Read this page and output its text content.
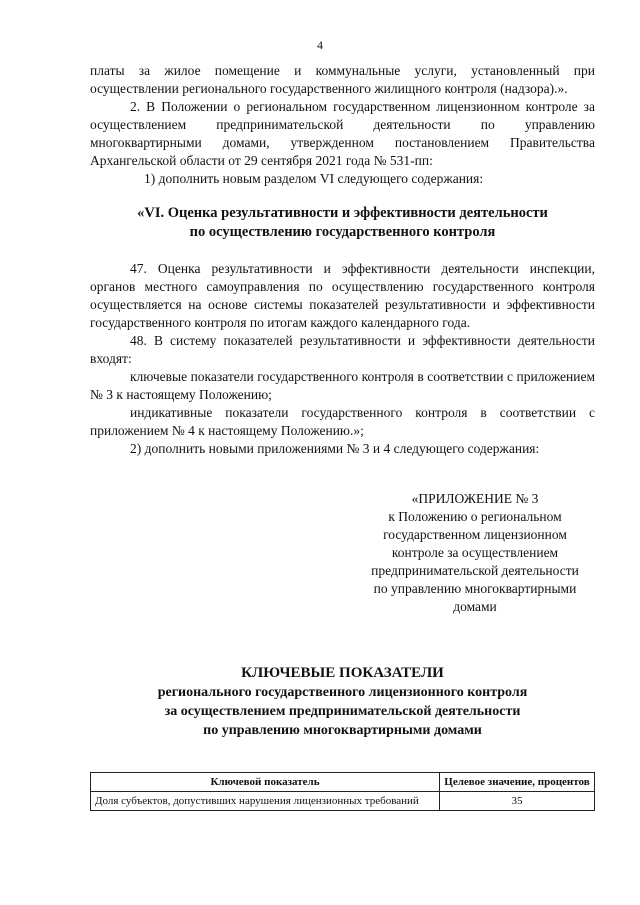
4

платы за жилое помещение и коммунальные услуги, установленный при осуществлении регионального государственного жилищного контроля (надзора).».

2. В Положении о региональном государственном лицензионном контроле за осуществлением предпринимательской деятельности по управлению многоквартирными домами, утвержденном постановлением Правительства Архангельской области от 29 сентября 2021 года № 531-пп:

1) дополнить новым разделом VI следующего содержания:

«VI. Оценка результативности и эффективности деятельности
по осуществлению государственного контроля

47. Оценка результативности и эффективности деятельности инспекции, органов местного самоуправления по осуществлению государственного контроля осуществляется на основе системы показателей результативности и эффективности государственного контроля по итогам каждого календарного года.

48. В систему показателей результативности и эффективности деятельности входят:

ключевые показатели государственного контроля в соответствии с приложением № 3 к настоящему Положению;

индикативные показатели государственного контроля в соответствии с приложением № 4 к настоящему Положению.»;

2) дополнить новыми приложениями № 3 и 4 следующего содержания:

«ПРИЛОЖЕНИЕ № 3
к Положению о региональном
государственном лицензионном
контроле за осуществлением
предпринимательской деятельности
по управлению многоквартирными
домами
КЛЮЧЕВЫЕ ПОКАЗАТЕЛИ
регионального государственного лицензионного контроля
за осуществлением предпринимательской деятельности
по управлению многоквартирными домами
Ключевой показатель	Целевое значение, процентов
Доля субъектов, допустивших нарушения лицензионных требований	35
